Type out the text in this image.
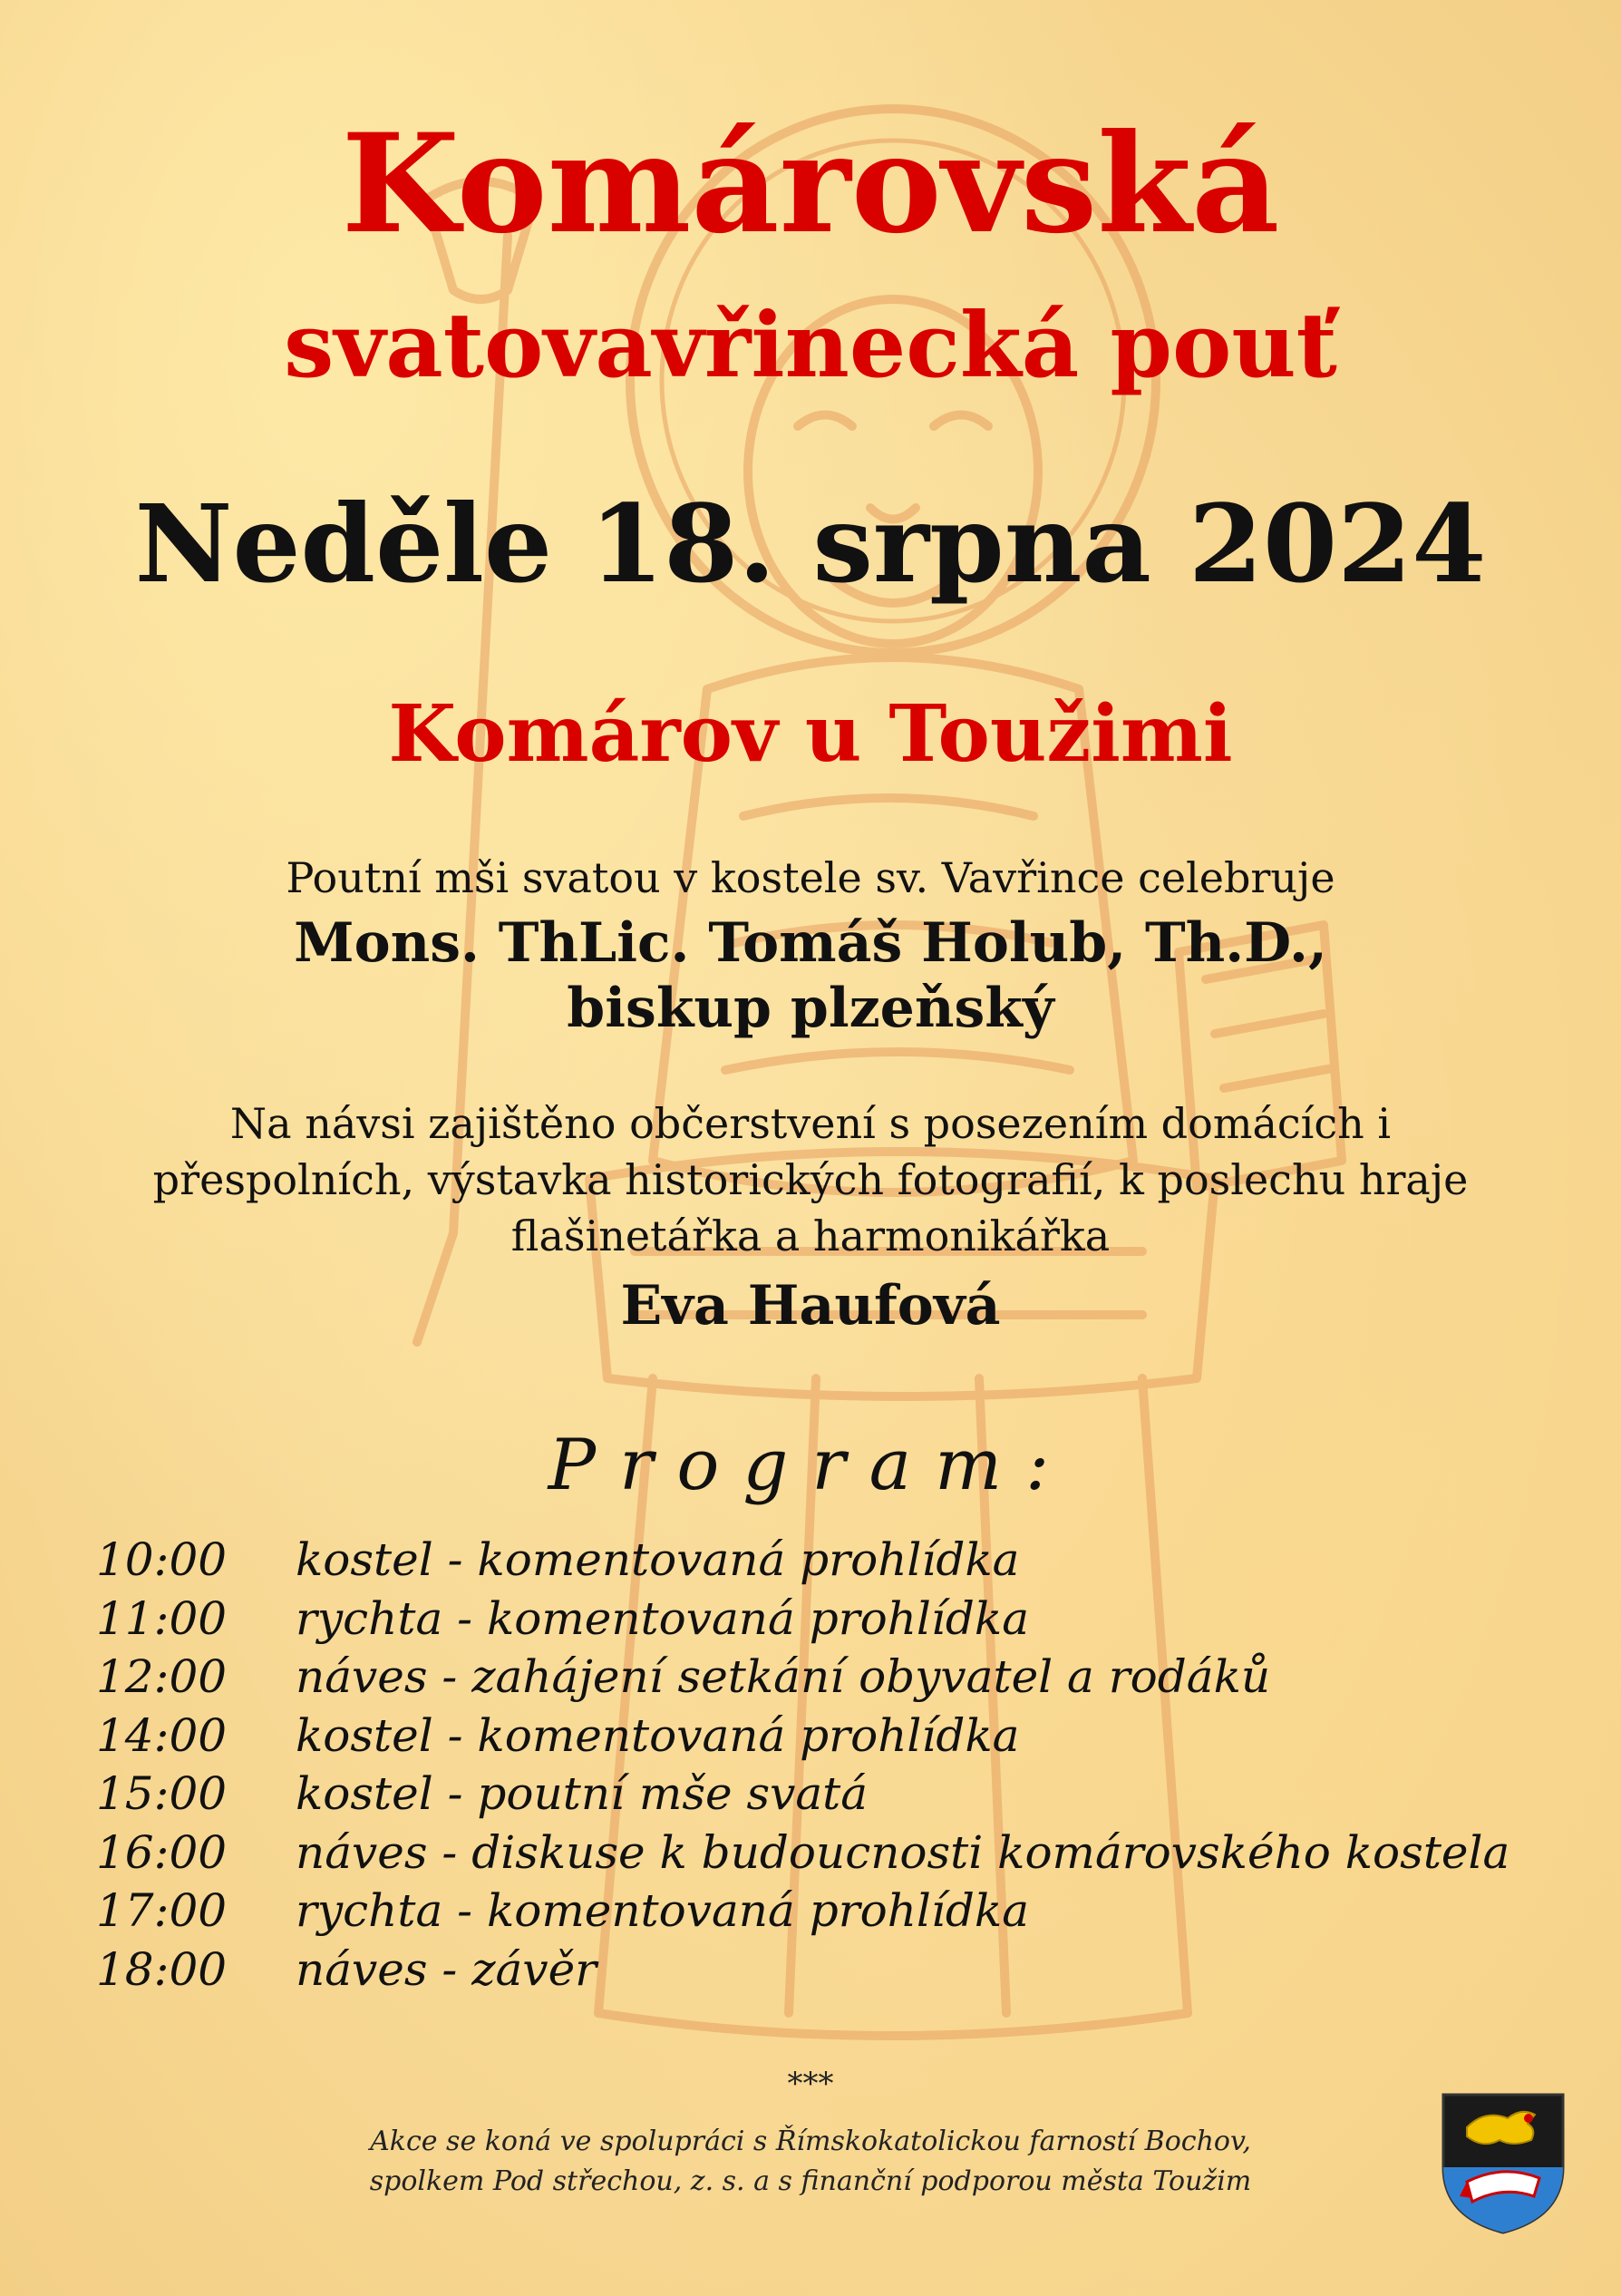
Komárovská
svatovavřinecká pouť
Neděle 18. srpna 2024
Komárov u Toužimi
Poutní mši svatou v kostele sv. Vavřince celebruje
Mons. ThLic. Tomáš Holub, Th.D.,
biskup plzeňský
Na návsi zajištěno občerstvení s posezením domácích i
přespolních, výstavka historických fotografií, k poslechu hraje
flašinetářka a harmonikářka
Eva Haufová
Program:
10:00 kostel - komentovaná prohlídka
11:00 rychta - komentovaná prohlídka
12:00 náves - zahájení setkání obyvatel a rodáků
14:00 kostel - komentovaná prohlídka
15:00 kostel - poutní mše svatá
16:00 náves - diskuse k budoucnosti komárovského kostela
17:00 rychta - komentovaná prohlídka
18:00 náves - závěr
***
Akce se koná ve spolupráci s Římskokatolickou farností Bochov,
spolkem Pod střechou, z. s. a s finanční podporou města Toužim
